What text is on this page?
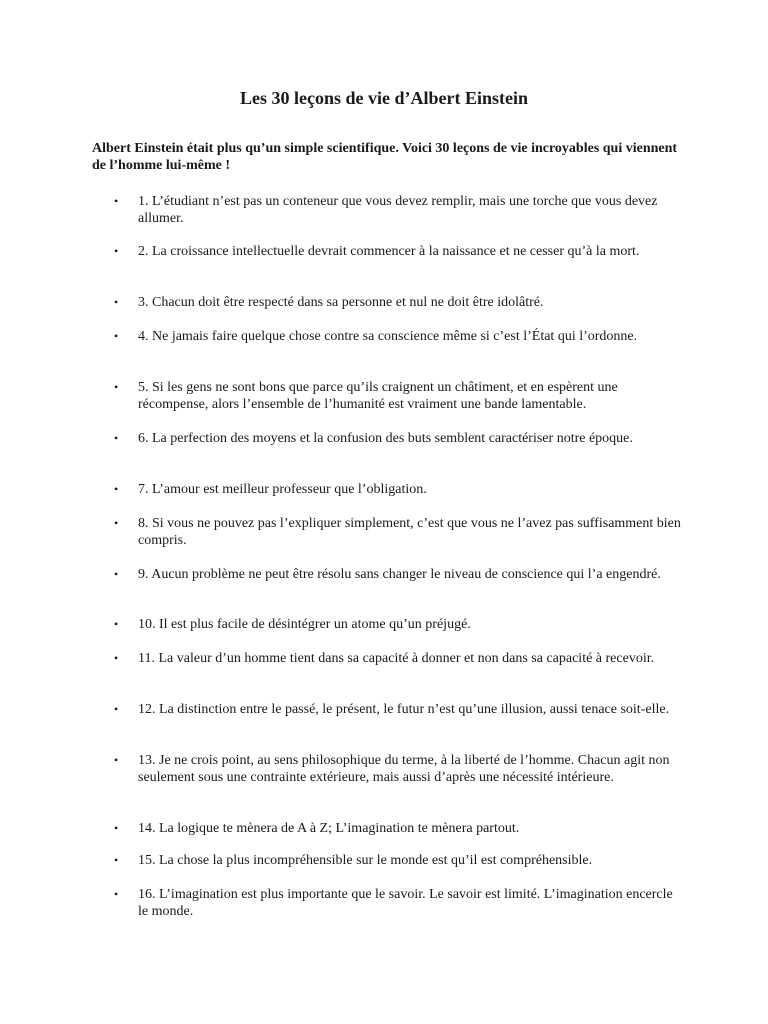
Les 30 leçons de vie d’Albert Einstein

Albert Einstein était plus qu’un simple scientifique. Voici 30 leçons de vie incroyables qui viennent de l’homme lui-même !

• 1. L’étudiant n’est pas un conteneur que vous devez remplir, mais une torche que vous devez allumer.
• 2. La croissance intellectuelle devrait commencer à la naissance et ne cesser qu’à la mort.
• 3. Chacun doit être respecté dans sa personne et nul ne doit être idolâtré.
• 4. Ne jamais faire quelque chose contre sa conscience même si c’est l’État qui l’ordonne.
• 5. Si les gens ne sont bons que parce qu’ils craignent un châtiment, et en espèrent une récompense, alors l’ensemble de l’humanité est vraiment une bande lamentable.
• 6. La perfection des moyens et la confusion des buts semblent caractériser notre époque.
• 7. L’amour est meilleur professeur que l’obligation.
• 8. Si vous ne pouvez pas l’expliquer simplement, c’est que vous ne l’avez pas suffisamment bien compris.
• 9. Aucun problème ne peut être résolu sans changer le niveau de conscience qui l’a engendré.
• 10. Il est plus facile de désintégrer un atome qu’un préjugé.
• 11. La valeur d’un homme tient dans sa capacité à donner et non dans sa capacité à recevoir.
• 12. La distinction entre le passé, le présent, le futur n’est qu’une illusion, aussi tenace soit-elle.
• 13. Je ne crois point, au sens philosophique du terme, à la liberté de l’homme. Chacun agit non seulement sous une contrainte extérieure, mais aussi d’après une nécessité intérieure.
• 14. La logique te mènera de A à Z; L’imagination te mènera partout.
• 15. La chose la plus incompréhensible sur le monde est qu’il est compréhensible.
• 16. L’imagination est plus importante que le savoir. Le savoir est limité. L’imagination encercle le monde.
